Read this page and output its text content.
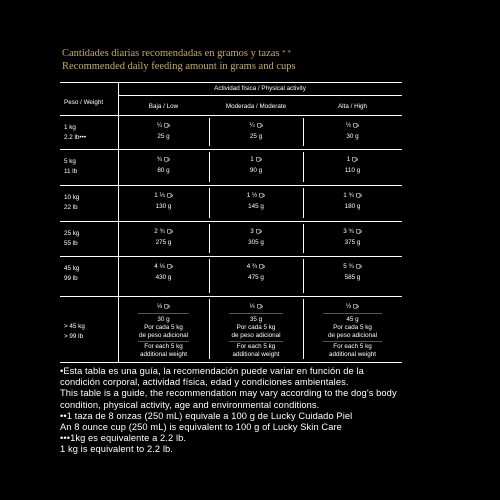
Cantidades diarias recomendadas en gramos y tazas * *
Recommended daily feeding amount in grams and cups
Actividad física / Physical activity
Peso / Weight
Baja / Low	Moderada / Moderate	Alta / High
1 kg
2.2 lb•••
¼
25 g
¼
25 g
½
30 g
5 kg
11 lb
¾
80 g
1
90 g
1
110 g
10 kg
22 lb
1 ⅓
130 g
1 ½
145 g
1 ¾
180 g
25 kg
55 lb
2 ¾
275 g
3
305 g
3 ¾
375 g
45 kg
99 lb
4 ⅓
430 g
4 ¾
475 g
5 ¾
585 g
> 45 kg
> 99 lb
⅓
30 g
Por cada 5 kg
de peso adicional
For each 5 kg
additional weight
⅓
35 g
Por cada 5 kg
de peso adicional
For each 5 kg
additional weight
½
45 g
Por cada 5 kg
de peso adicional
For each 5 kg
additional weight
•Esta tabla es una guía, la recomendación puede variar en función de la
condición corporal, actividad física, edad y condiciones ambientales.
This table is a guide, the recommendation may vary according to the dog's body
condition, physical activity, age and environmental conditions.
••1 taza de 8 onzas (250 mL) equivale a 100 g de Lucky Cuidado Piel
An 8 ounce cup (250 mL) is equivalent to 100 g of Lucky Skin Care
•••1kg es equivalente a 2.2 lb.
1 kg is equivalent to 2.2 lb.
